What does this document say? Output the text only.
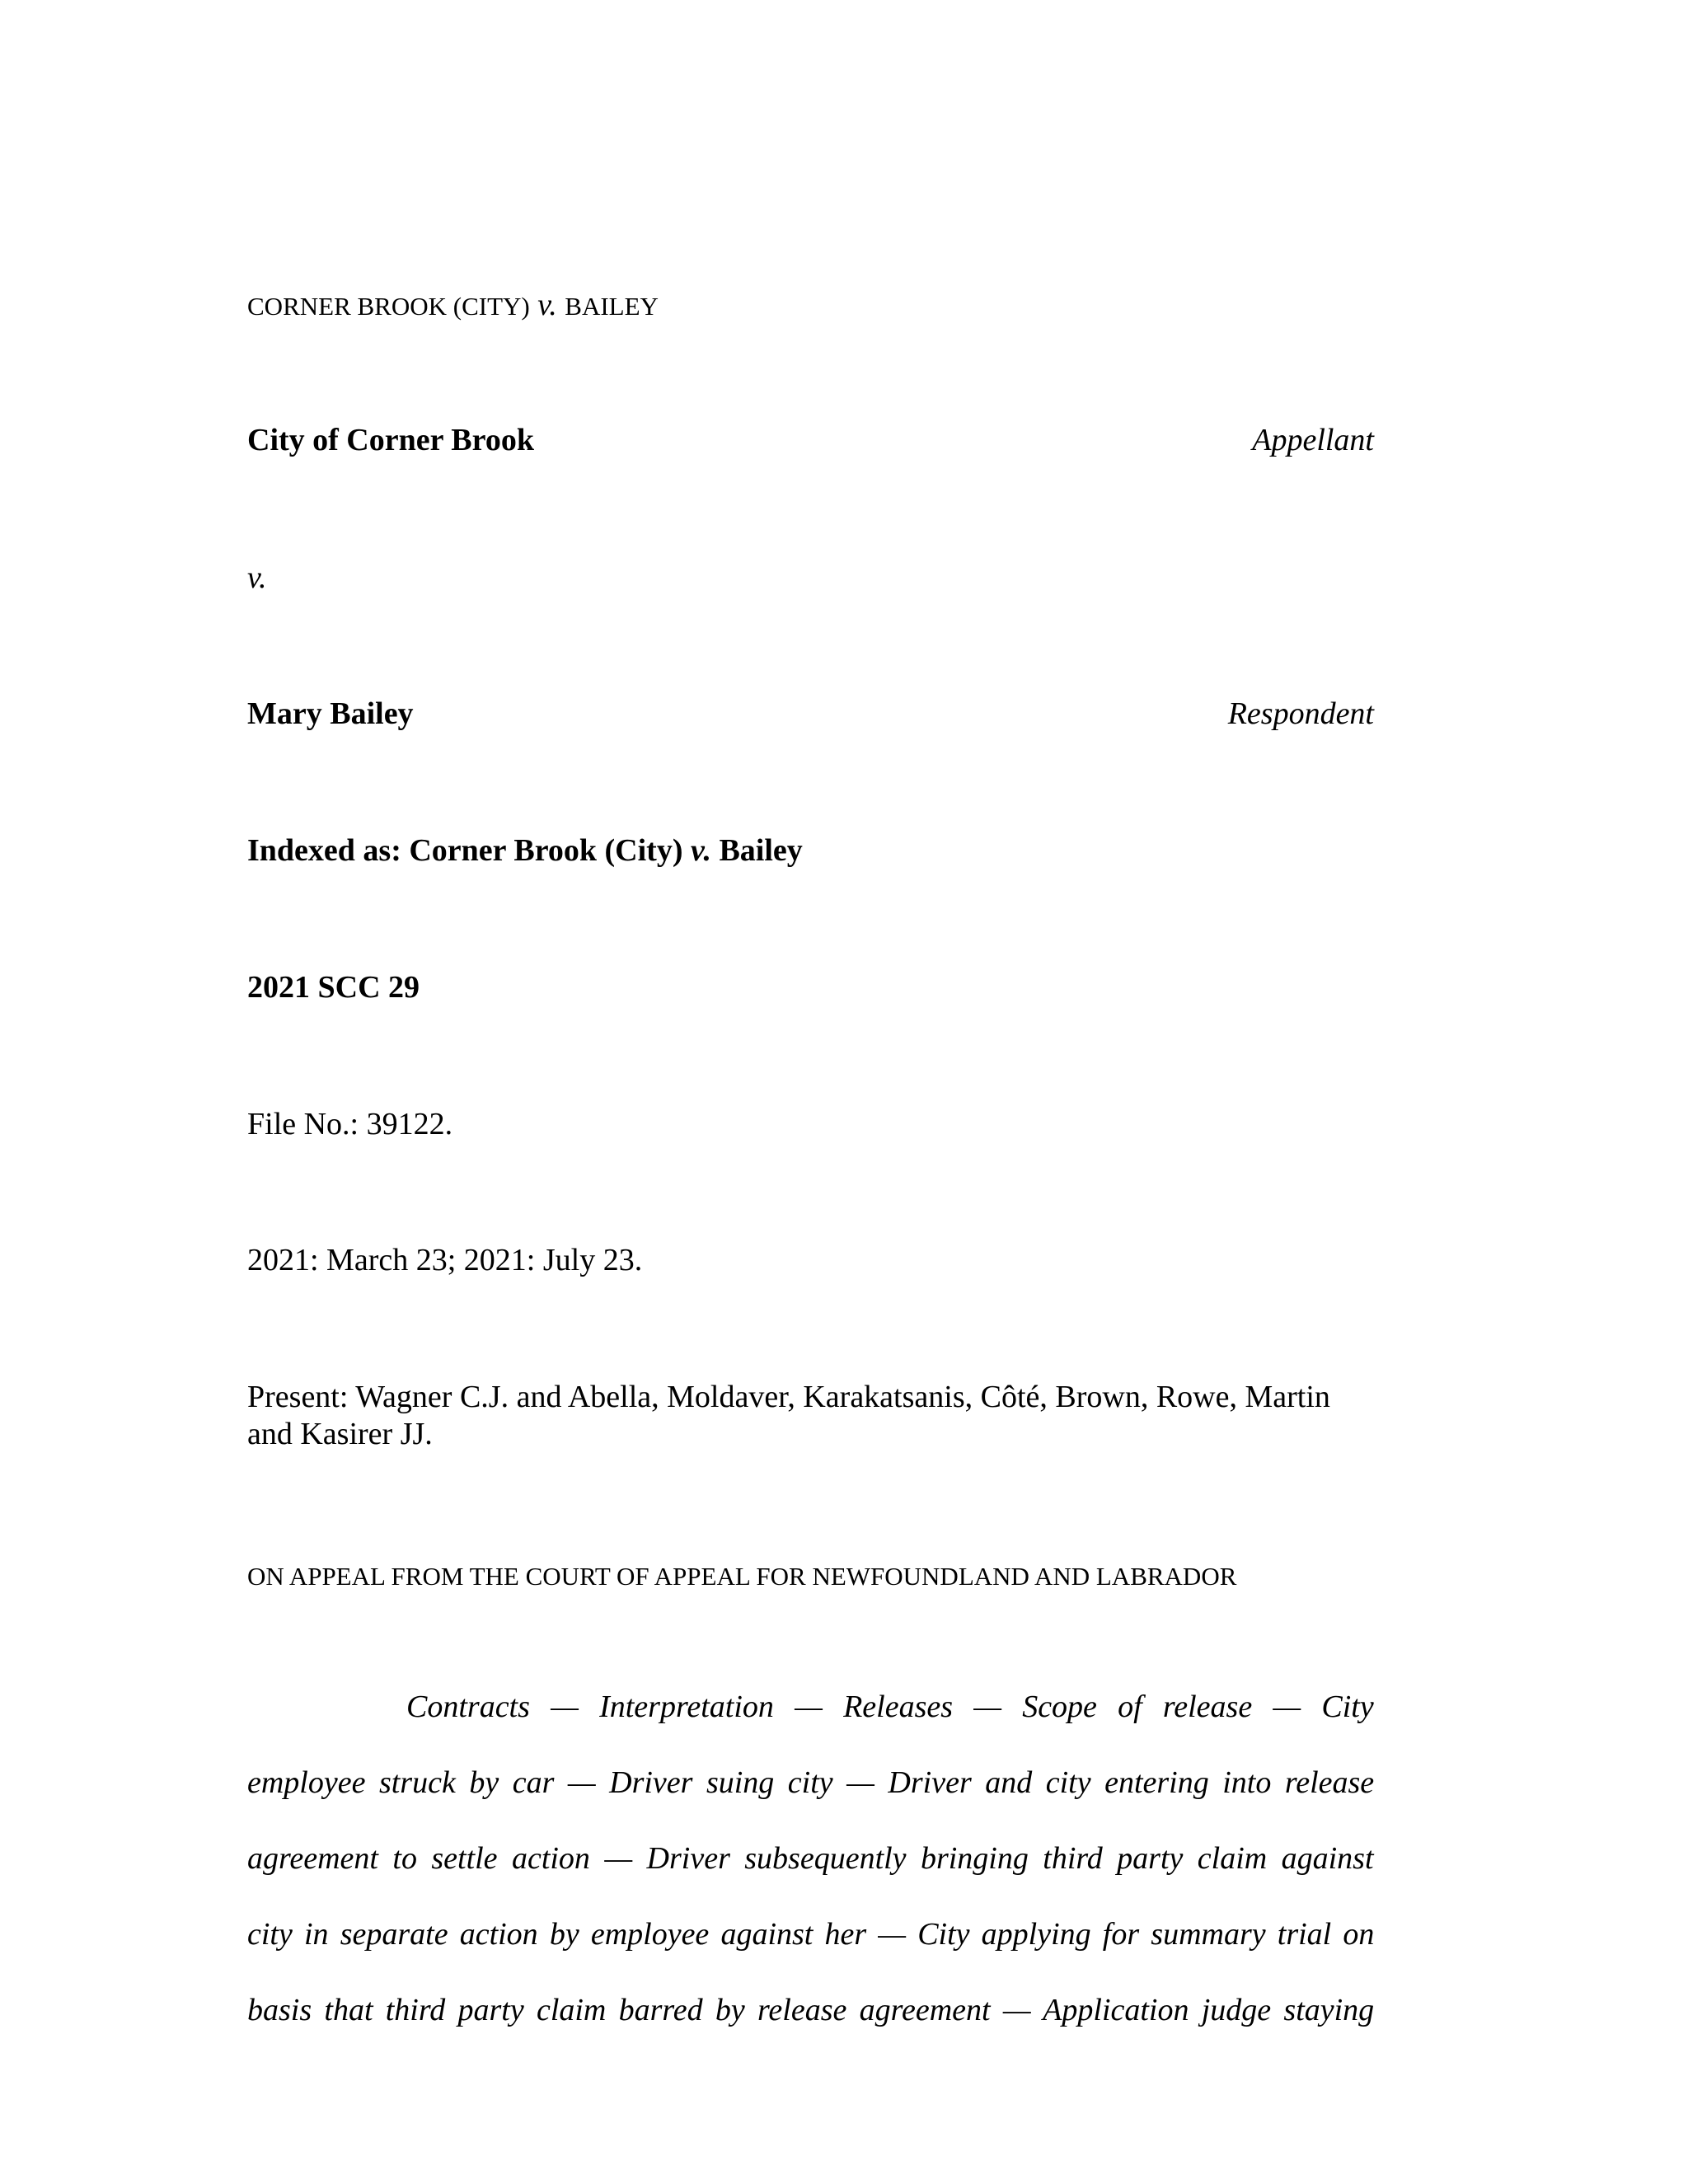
CORNER BROOK (CITY) v. BAILEY
City of Corner Brook	Appellant
v.
Mary Bailey	Respondent
Indexed as: Corner Brook (City) v. Bailey
2021 SCC 29
File No.: 39122.
2021: March 23; 2021: July 23.
Present: Wagner C.J. and Abella, Moldaver, Karakatsanis, Côté, Brown, Rowe, Martin
and Kasirer JJ.
ON APPEAL FROM THE COURT OF APPEAL FOR NEWFOUNDLAND AND LABRADOR
Contracts — Interpretation — Releases — Scope of release — City
employee struck by car — Driver suing city — Driver and city entering into release
agreement to settle action — Driver subsequently bringing third party claim against
city in separate action by employee against her — City applying for summary trial on
basis that third party claim barred by release agreement — Application judge staying
